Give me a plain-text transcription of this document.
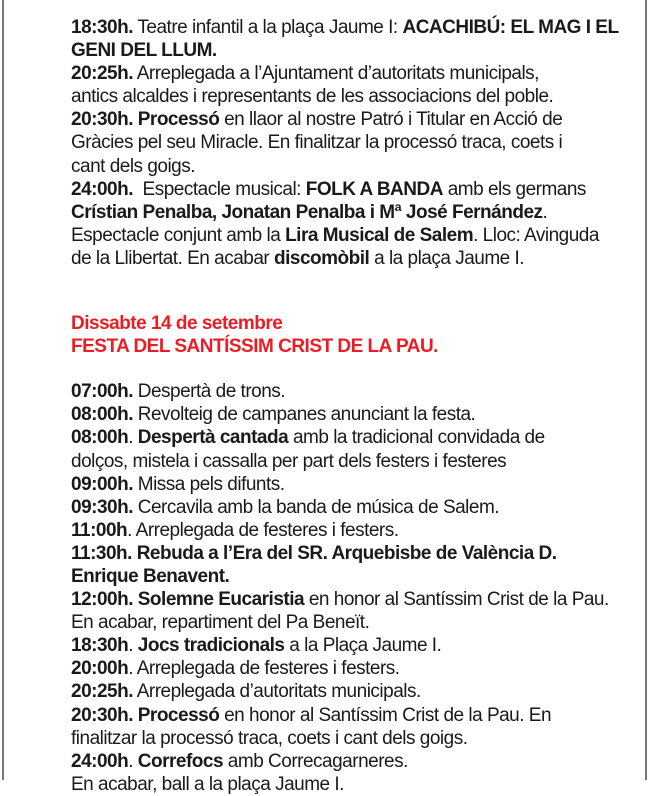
18:30h. Teatre infantil a la plaça Jaume I: ACACHIBÚ: EL MAG I EL
GENI DEL LLUM.
20:25h. Arreplegada a l’Ajuntament d’autoritats municipals,
antics alcaldes i representants de les associacions del poble.
20:30h. Processó en llaor al nostre Patró i Titular en Acció de
Gràcies pel seu Miracle. En finalitzar la processó traca, coets i
cant dels goigs.
24:00h.  Espectacle musical: FOLK A BANDA amb els germans
Crístian Penalba, Jonatan Penalba i Mª José Fernández.
Espectacle conjunt amb la Lira Musical de Salem. Lloc: Avinguda
de la Llibertat. En acabar discomòbil a la plaça Jaume I.
Dissabte 14 de setembre
FESTA DEL SANTÍSSIM CRIST DE LA PAU.
07:00h. Despertà de trons.
08:00h. Revolteig de campanes anunciant la festa.
08:00h. Despertà cantada amb la tradicional convidada de
dolços, mistela i cassalla per part dels festers i festeres
09:00h. Missa pels difunts.
09:30h. Cercavila amb la banda de música de Salem.
11:00h. Arreplegada de festeres i festers.
11:30h. Rebuda a l’Era del SR. Arquebisbe de València D.
Enrique Benavent.
12:00h. Solemne Eucaristia en honor al Santíssim Crist de la Pau.
En acabar, repartiment del Pa Beneït.
18:30h. Jocs tradicionals a la Plaça Jaume I.
20:00h. Arreplegada de festeres i festers.
20:25h. Arreplegada d’autoritats municipals.
20:30h. Processó en honor al Santíssim Crist de la Pau. En
finalitzar la processó traca, coets i cant dels goigs.
24:00h. Correfocs amb Correcagarneres.
En acabar, ball a la plaça Jaume I.
